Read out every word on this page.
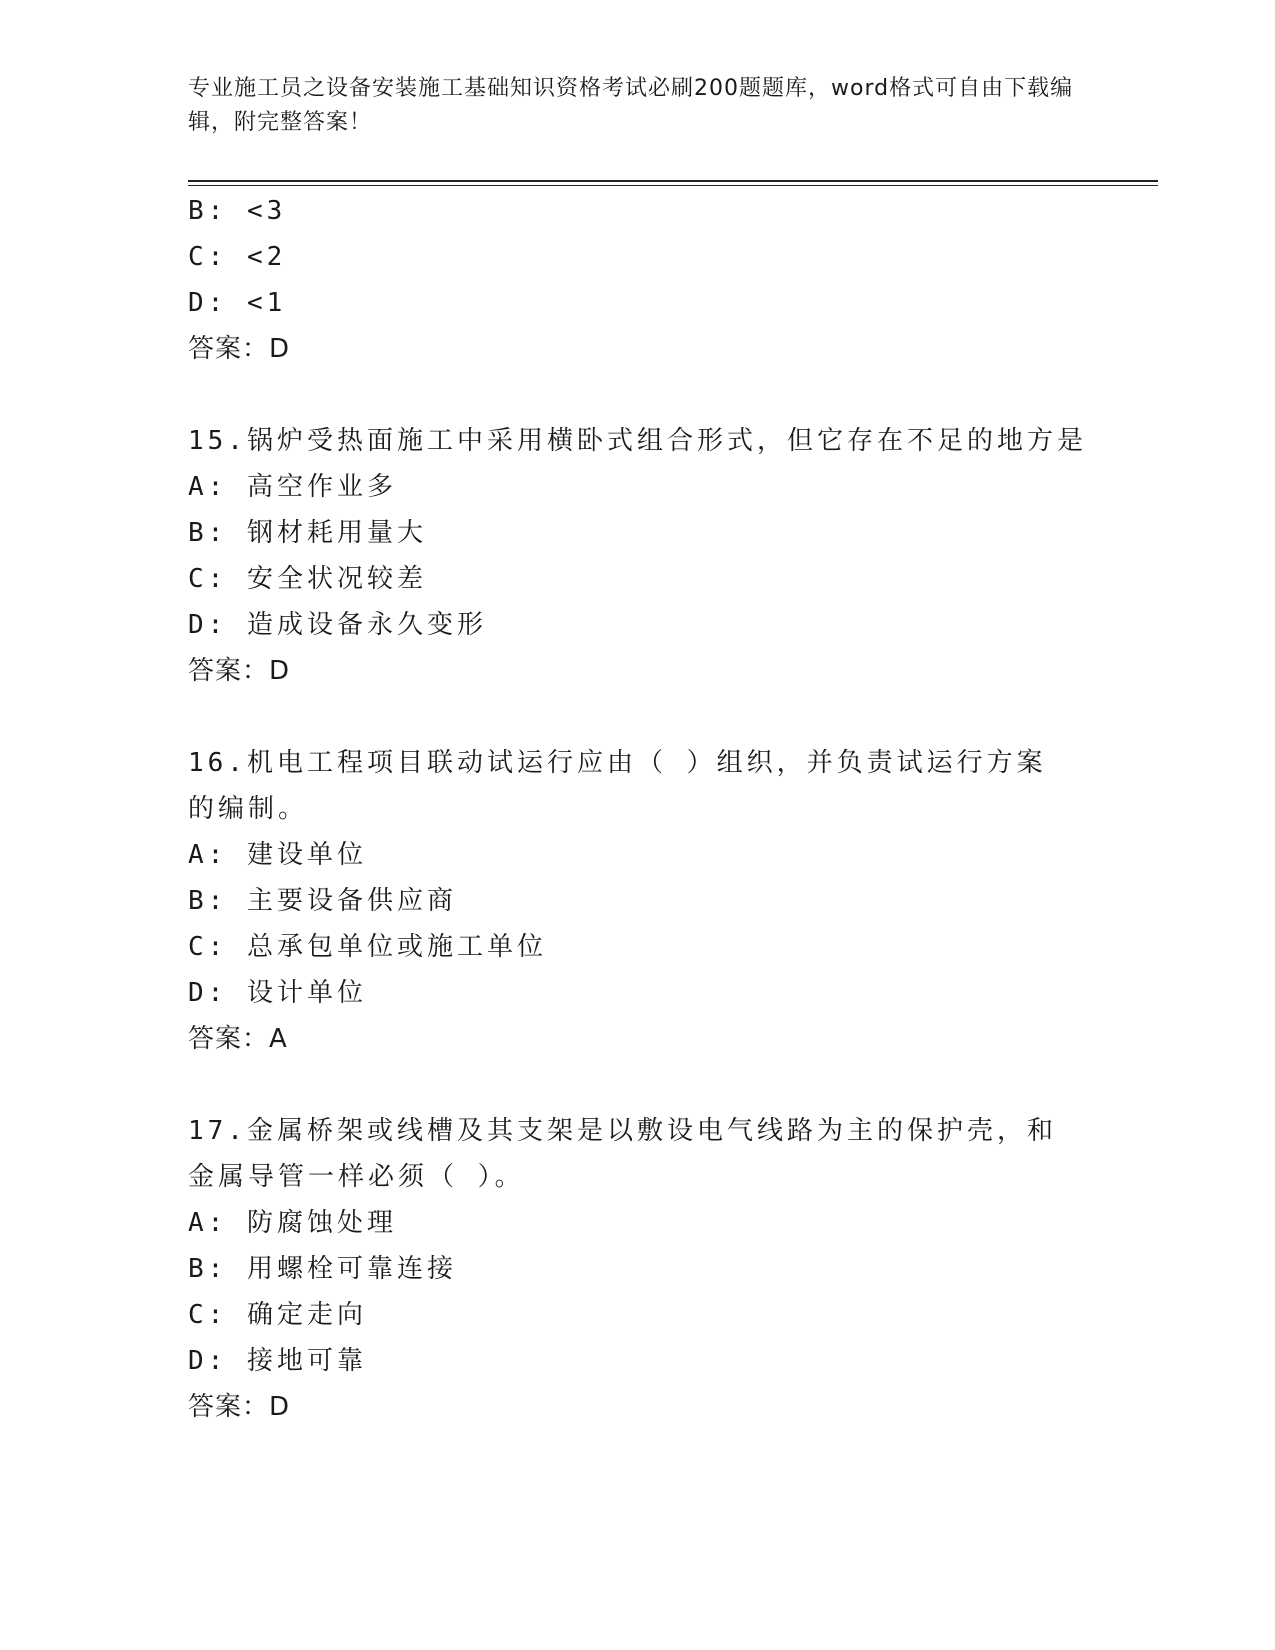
专业施工员之设备安装施工基础知识资格考试必刷200题题库，word格式可自由下载编辑，附完整答案！
B: <3
C: <2
D: <1
答案：D
15.锅炉受热面施工中采用横卧式组合形式，但它存在不足的地方是
A: 高空作业多
B: 钢材耗用量大
C: 安全状况较差
D: 造成设备永久变形
答案：D
16.机电工程项目联动试运行应由（ ）组织，并负责试运行方案的编制。
A: 建设单位
B: 主要设备供应商
C: 总承包单位或施工单位
D: 设计单位
答案：A
17.金属桥架或线槽及其支架是以敷设电气线路为主的保护壳，和金属导管一样必须（ ）。
A: 防腐蚀处理
B: 用螺栓可靠连接
C: 确定走向
D: 接地可靠
答案：D
